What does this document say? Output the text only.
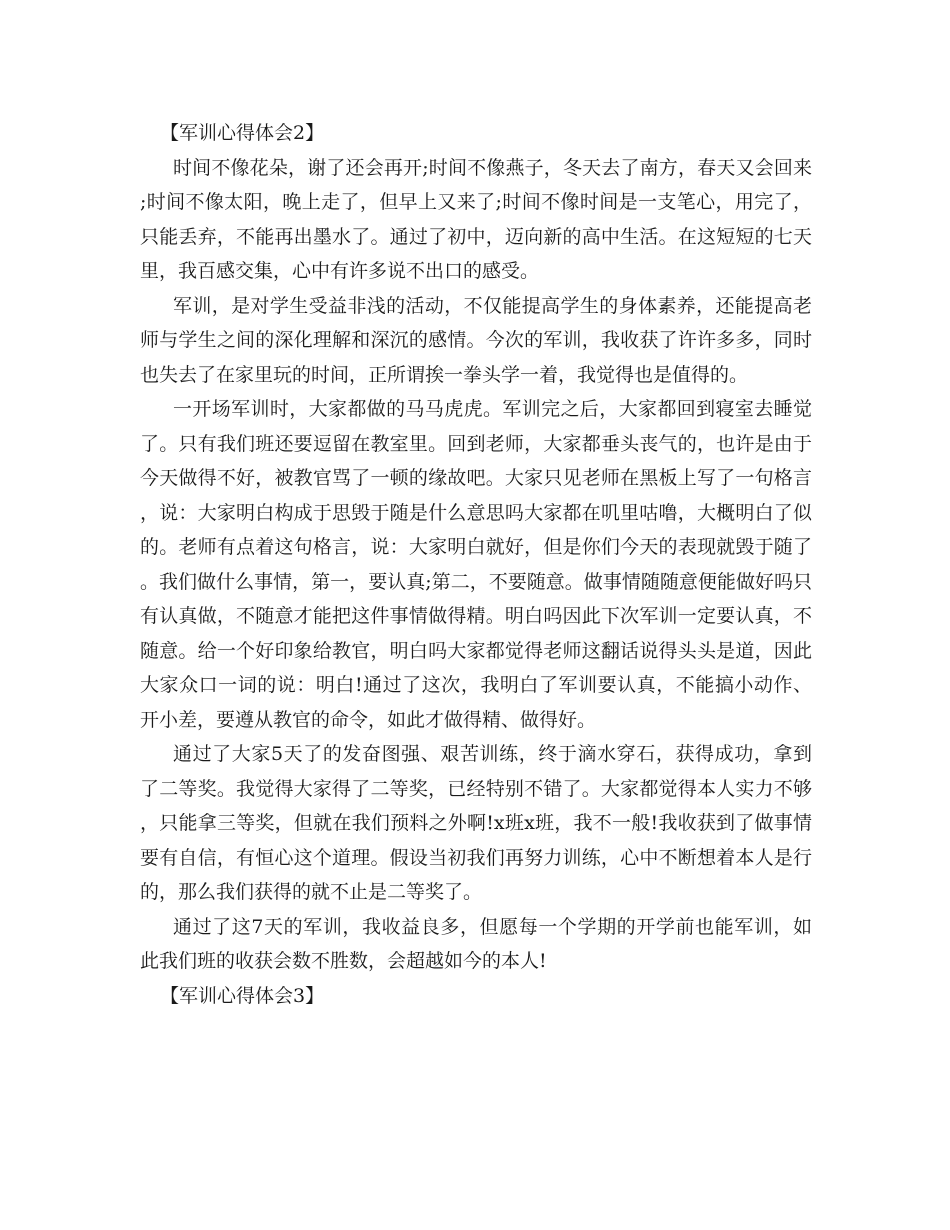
【军训心得体会2】

时间不像花朵，谢了还会再开;时间不像燕子，冬天去了南方，春天又会回来;时间不像太阳，晚上走了，但早上又来了;时间不像时间是一支笔心，用完了，只能丢弃，不能再出墨水了。通过了初中，迈向新的高中生活。在这短短的七天里，我百感交集，心中有许多说不出口的感受。

军训，是对学生受益非浅的活动，不仅能提高学生的身体素养，还能提高老师与学生之间的深化理解和深沉的感情。今次的军训，我收获了许许多多，同时也失去了在家里玩的时间，正所谓挨一拳头学一着，我觉得也是值得的。

一开场军训时，大家都做的马马虎虎。军训完之后，大家都回到寝室去睡觉了。只有我们班还要逗留在教室里。回到老师，大家都垂头丧气的，也许是由于今天做得不好，被教官骂了一顿的缘故吧。大家只见老师在黑板上写了一句格言，说：大家明白构成于思毁于随是什么意思吗大家都在叽里咕噜，大概明白了似的。老师有点着这句格言，说：大家明白就好，但是你们今天的表现就毁于随了。我们做什么事情，第一，要认真;第二，不要随意。做事情随随意便能做好吗只有认真做，不随意才能把这件事情做得精。明白吗因此下次军训一定要认真，不随意。给一个好印象给教官，明白吗大家都觉得老师这翻话说得头头是道，因此大家众口一词的说：明白!通过了这次，我明白了军训要认真，不能搞小动作、开小差，要遵从教官的命令，如此才做得精、做得好。

通过了大家5天了的发奋图强、艰苦训练，终于滴水穿石，获得成功，拿到了二等奖。我觉得大家得了二等奖，已经特别不错了。大家都觉得本人实力不够，只能拿三等奖，但就在我们预料之外啊!x班x班，我不一般!我收获到了做事情要有自信，有恒心这个道理。假设当初我们再努力训练，心中不断想着本人是行的，那么我们获得的就不止是二等奖了。

通过了这7天的军训，我收益良多，但愿每一个学期的开学前也能军训，如此我们班的收获会数不胜数，会超越如今的本人!

【军训心得体会3】
